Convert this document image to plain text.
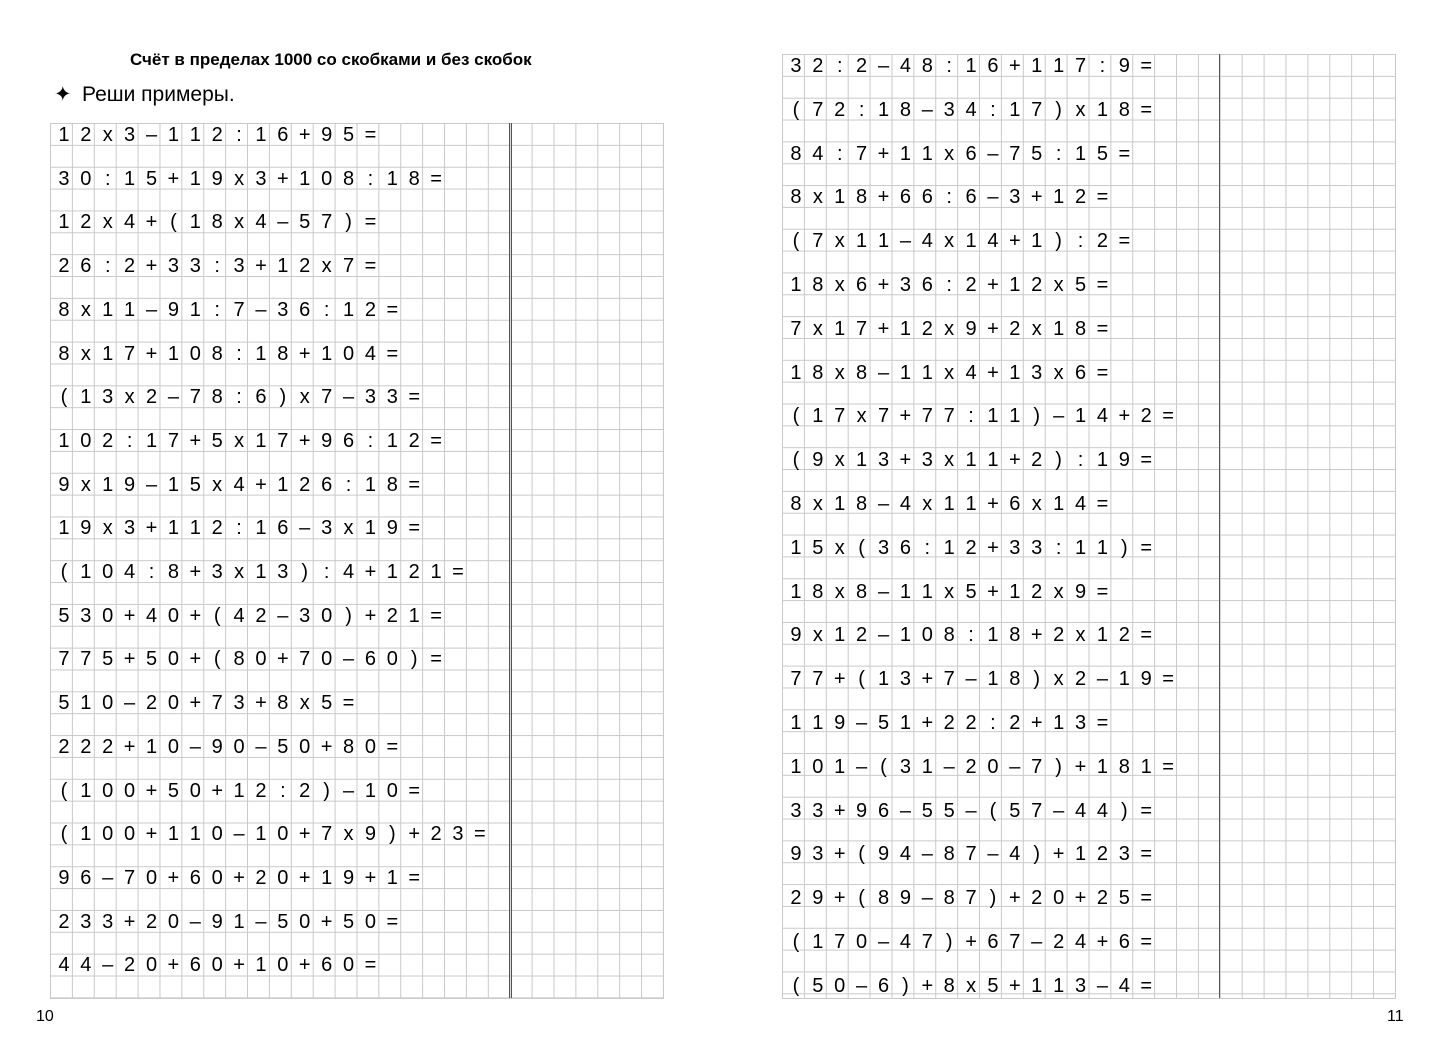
Счёт в пределах 1000 со скобками и без скобок
✦ Реши примеры.
1 2 х 3 – 1 1 2 : 1 6 + 9 5 =
3 0 : 1 5 + 1 9 х 3 + 1 0 8 : 1 8 =
1 2 х 4 + ( 1 8 х 4 – 5 7 ) =
2 6 : 2 + 3 3 : 3 + 1 2 х 7 =
8 х 1 1 – 9 1 : 7 – 3 6 : 1 2 =
8 х 1 7 + 1 0 8 : 1 8 + 1 0 4 =
( 1 3 х 2 – 7 8 : 6 ) х 7 – 3 3 =
1 0 2 : 1 7 + 5 х 1 7 + 9 6 : 1 2 =
9 х 1 9 – 1 5 х 4 + 1 2 6 : 1 8 =
1 9 х 3 + 1 1 2 : 1 6 – 3 х 1 9 =
( 1 0 4 : 8 + 3 х 1 3 ) : 4 + 1 2 1 =
5 3 0 + 4 0 + ( 4 2 – 3 0 ) + 2 1 =
7 7 5 + 5 0 + ( 8 0 + 7 0 – 6 0 ) =
5 1 0 – 2 0 + 7 3 + 8 х 5 =
2 2 2 + 1 0 – 9 0 – 5 0 + 8 0 =
( 1 0 0 + 5 0 + 1 2 : 2 ) – 1 0 =
( 1 0 0 + 1 1 0 – 1 0 + 7 х 9 ) + 2 3 =
9 6 – 7 0 + 6 0 + 2 0 + 1 9 + 1 =
2 3 3 + 2 0 – 9 1 – 5 0 + 5 0 =
4 4 – 2 0 + 6 0 + 1 0 + 6 0 =
10
3 2 : 2 – 4 8 : 1 6 + 1 1 7 : 9 =
( 7 2 : 1 8 – 3 4 : 1 7 ) х 1 8 =
8 4 : 7 + 1 1 х 6 – 7 5 : 1 5 =
8 х 1 8 + 6 6 : 6 – 3 + 1 2 =
( 7 х 1 1 – 4 х 1 4 + 1 ) : 2 =
1 8 х 6 + 3 6 : 2 + 1 2 х 5 =
7 х 1 7 + 1 2 х 9 + 2 х 1 8 =
1 8 х 8 – 1 1 х 4 + 1 3 х 6 =
( 1 7 х 7 + 7 7 : 1 1 ) – 1 4 + 2 =
( 9 х 1 3 + 3 х 1 1 + 2 ) : 1 9 =
8 х 1 8 – 4 х 1 1 + 6 х 1 4 =
1 5 х ( 3 6 : 1 2 + 3 3 : 1 1 ) =
1 8 х 8 – 1 1 х 5 + 1 2 х 9 =
9 х 1 2 – 1 0 8 : 1 8 + 2 х 1 2 =
7 7 + ( 1 3 + 7 – 1 8 ) х 2 – 1 9 =
1 1 9 – 5 1 + 2 2 : 2 + 1 3 =
1 0 1 – ( 3 1 – 2 0 – 7 ) + 1 8 1 =
3 3 + 9 6 – 5 5 – ( 5 7 – 4 4 ) =
9 3 + ( 9 4 – 8 7 – 4 ) + 1 2 3 =
2 9 + ( 8 9 – 8 7 ) + 2 0 + 2 5 =
( 1 7 0 – 4 7 ) + 6 7 – 2 4 + 6 =
( 5 0 – 6 ) + 8 х 5 + 1 1 3 – 4 =
11
